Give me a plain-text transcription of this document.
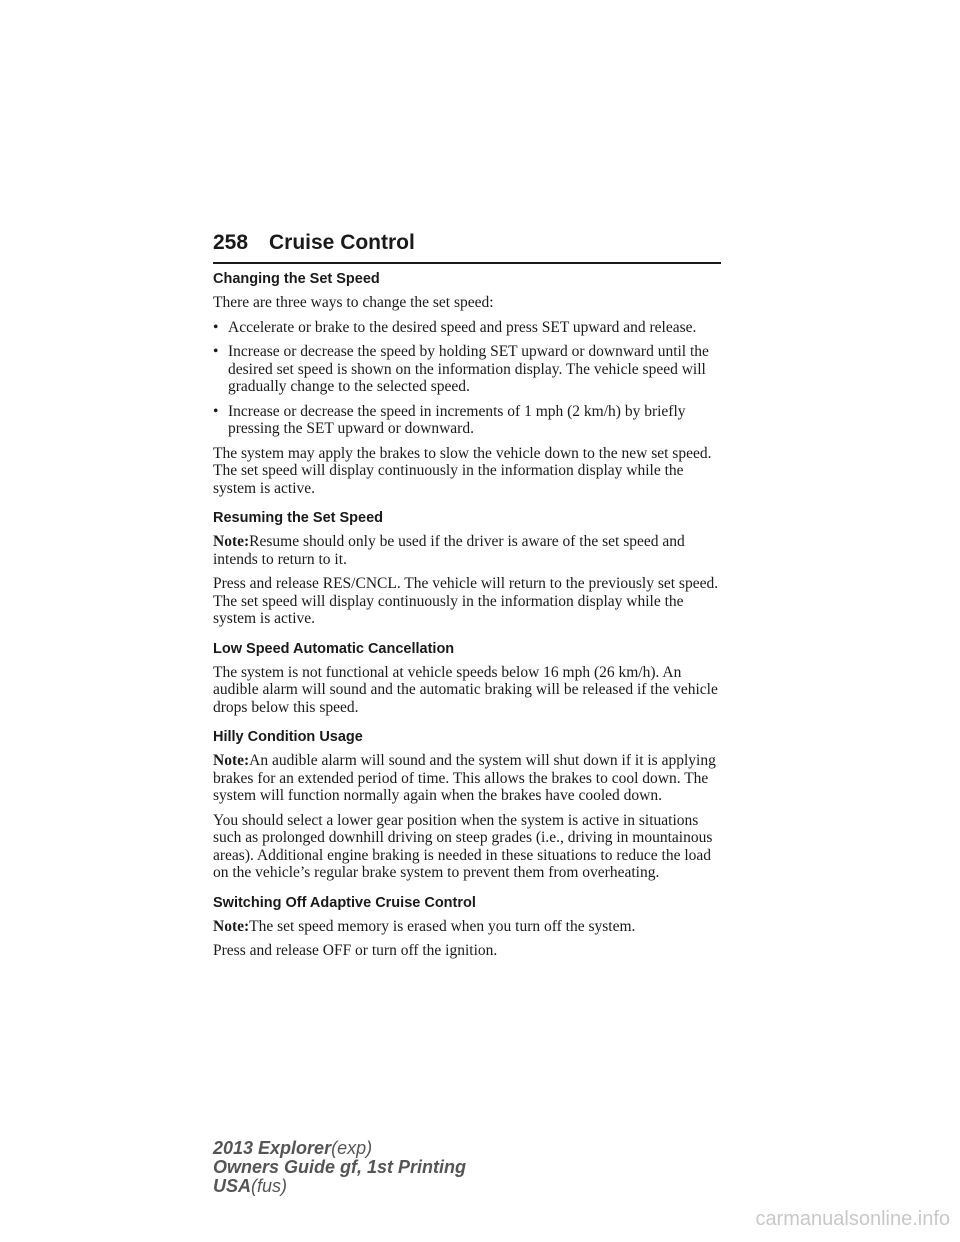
258 Cruise Control
Changing the Set Speed

There are three ways to change the set speed:

• Accelerate or brake to the desired speed and press SET upward and release.
• Increase or decrease the speed by holding SET upward or downward until the desired set speed is shown on the information display. The vehicle speed will gradually change to the selected speed.
• Increase or decrease the speed in increments of 1 mph (2 km/h) by briefly pressing the SET upward or downward.

The system may apply the brakes to slow the vehicle down to the new set speed. The set speed will display continuously in the information display while the system is active.

Resuming the Set Speed

Note:Resume should only be used if the driver is aware of the set speed and intends to return to it.

Press and release RES/CNCL. The vehicle will return to the previously set speed. The set speed will display continuously in the information display while the system is active.

Low Speed Automatic Cancellation

The system is not functional at vehicle speeds below 16 mph (26 km/h). An audible alarm will sound and the automatic braking will be released if the vehicle drops below this speed.

Hilly Condition Usage

Note:An audible alarm will sound and the system will shut down if it is applying brakes for an extended period of time. This allows the brakes to cool down. The system will function normally again when the brakes have cooled down.

You should select a lower gear position when the system is active in situations such as prolonged downhill driving on steep grades (i.e., driving in mountainous areas). Additional engine braking is needed in these situations to reduce the load on the vehicle’s regular brake system to prevent them from overheating.

Switching Off Adaptive Cruise Control

Note:The set speed memory is erased when you turn off the system.

Press and release OFF or turn off the ignition.

2013 Explorer(exp)
Owners Guide gf, 1st Printing
USA(fus)
carmanualsonline.info
